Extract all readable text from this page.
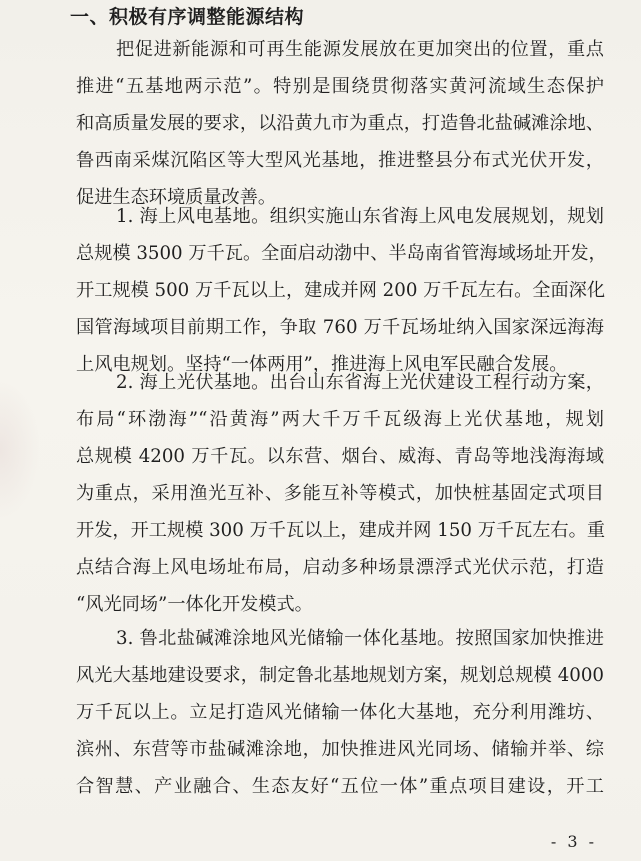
一、积极有序调整能源结构

把促进新能源和可再生能源发展放在更加突出的位置，重点
推进“五基地两示范”。特别是围绕贯彻落实黄河流域生态保护
和高质量发展的要求，以沿黄九市为重点，打造鲁北盐碱滩涂地、
鲁西南采煤沉陷区等大型风光基地，推进整县分布式光伏开发，
促进生态环境质量改善。

1. 海上风电基地。组织实施山东省海上风电发展规划，规划
总规模 3500 万千瓦。全面启动渤中、半岛南省管海域场址开发，
开工规模 500 万千瓦以上，建成并网 200 万千瓦左右。全面深化
国管海域项目前期工作，争取 760 万千瓦场址纳入国家深远海海
上风电规划。坚持“一体两用”，推进海上风电军民融合发展。

2. 海上光伏基地。出台山东省海上光伏建设工程行动方案，
布局“环渤海”“沿黄海”两大千万千瓦级海上光伏基地，规划
总规模 4200 万千瓦。以东营、烟台、威海、青岛等地浅海海域
为重点，采用渔光互补、多能互补等模式，加快桩基固定式项目
开发，开工规模 300 万千瓦以上，建成并网 150 万千瓦左右。重
点结合海上风电场址布局，启动多种场景漂浮式光伏示范，打造
“风光同场”一体化开发模式。

3. 鲁北盐碱滩涂地风光储输一体化基地。按照国家加快推进
风光大基地建设要求，制定鲁北基地规划方案，规划总规模 4000
万千瓦以上。立足打造风光储输一体化大基地，充分利用潍坊、
滨州、东营等市盐碱滩涂地，加快推进风光同场、储输并举、综
合智慧、产业融合、生态友好“五位一体”重点项目建设，开工

- 3 -
